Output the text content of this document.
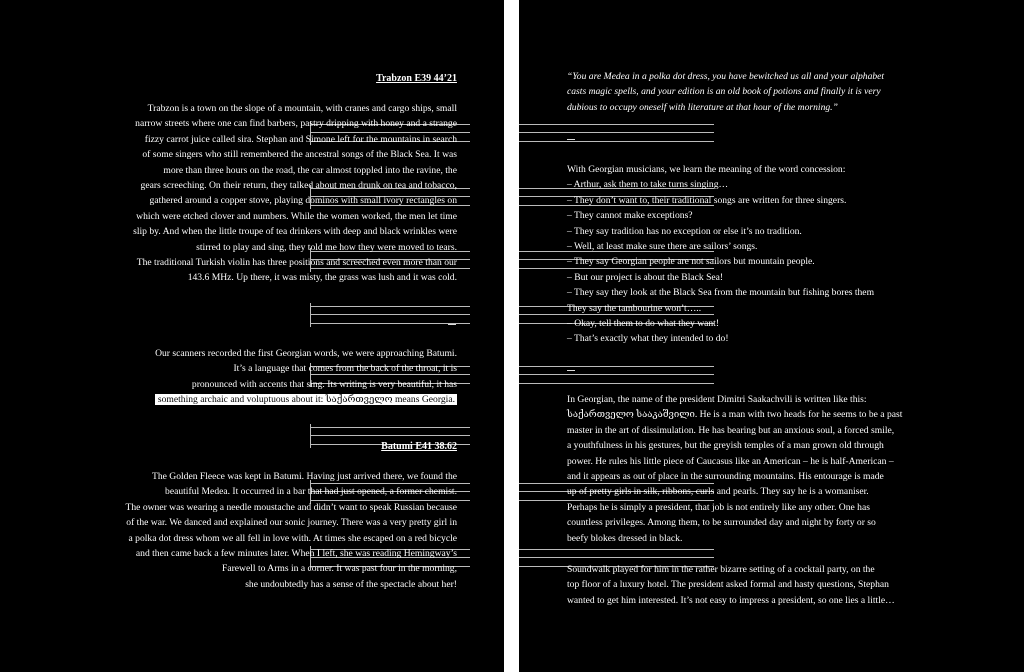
Trabzon E39 44’21
Trabzon is a town on the slope of a mountain, with cranes and cargo ships, small
narrow streets where one can find barbers, pastry dripping with honey and a strange
fizzy carrot juice called sira. Stephan and Simone left for the mountains in search
of some singers who still remembered the ancestral songs of the Black Sea. It was
more than three hours on the road, the car almost toppled into the ravine, the
gears screeching. On their return, they talked about men drunk on tea and tobacco,
gathered around a copper stove, playing dominos with small ivory rectangles on
which were etched clover and numbers. While the women worked, the men let time
slip by. And when the little troupe of tea drinkers with deep and black wrinkles were
stirred to play and sing, they told me how they were moved to tears.
The traditional Turkish violin has three positions and screeched even more than our
143.6 MHz. Up there, it was misty, the grass was lush and it was cold.
Our scanners recorded the first Georgian words, we were approaching Batumi.
It’s a language that comes from the back of the throat, it is
pronounced with accents that sing. Its writing is very beautiful, it has
something archaic and voluptuous about it: საქართველო means Georgia.
Batumi E41 38.62
The Golden Fleece was kept in Batumi. Having just arrived there, we found the
beautiful Medea. It occurred in a bar that had just opened, a former chemist.
The owner was wearing a needle moustache and didn’t want to speak Russian because
of the war. We danced and explained our sonic journey. There was a very pretty girl in
a polka dot dress whom we all fell in love with. At times she escaped on a red bicycle
and then came back a few minutes later. When I left, she was reading Hemingway’s
Farewell to Arms in a corner. It was past four in the morning,
she undoubtedly has a sense of the spectacle about her!
“You are Medea in a polka dot dress, you have bewitched us all and your alphabet
casts magic spells, and your edition is an old book of potions and finally it is very
dubious to occupy oneself with literature at that hour of the morning.”
With Georgian musicians, we learn the meaning of the word concession:
– Arthur, ask them to take turns singing…
– They don’t want to, their traditional songs are written for three singers.
– They cannot make exceptions?
– They say tradition has no exception or else it’s no tradition.
– Well, at least make sure there are sailors’ songs.
– They say Georgian people are not sailors but mountain people.
– But our project is about the Black Sea!
– They say they look at the Black Sea from the mountain but fishing bores them
They say the tambourine won’t…..
– Okay, tell them to do what they want!
– That’s exactly what they intended to do!
In Georgian, the name of the president Dimitri Saakachvili is written like this:
საქართველო სააკაშვილი. He is a man with two heads for he seems to be a past
master in the art of dissimulation. He has bearing but an anxious soul, a forced smile,
a youthfulness in his gestures, but the greyish temples of a man grown old through
power. He rules his little piece of Caucasus like an American – he is half-American –
and it appears as out of place in the surrounding mountains. His entourage is made
up of pretty girls in silk, ribbons, curls and pearls. They say he is a womaniser.
Perhaps he is simply a president, that job is not entirely like any other. One has
countless privileges. Among them, to be surrounded day and night by forty or so
beefy blokes dressed in black.
Soundwalk played for him in the rather bizarre setting of a cocktail party, on the
top floor of a luxury hotel. The president asked formal and hasty questions, Stephan
wanted to get him interested. It’s not easy to impress a president, so one lies a little…
